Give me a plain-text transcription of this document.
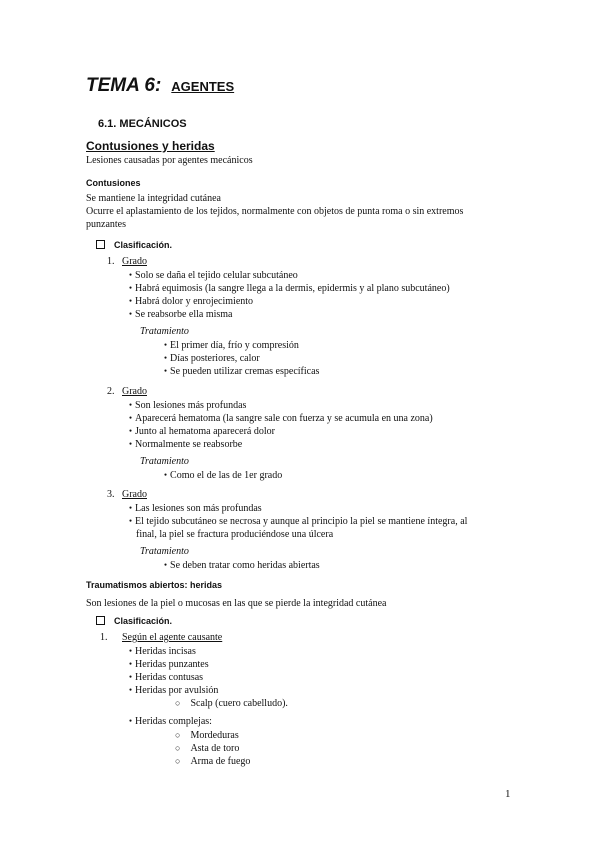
TEMA 6: AGENTES
6.1. MECÁNICOS
Contusiones y heridas
Lesiones causadas por agentes mecánicos
Contusiones
Se mantiene la integridad cutánea
Ocurre el aplastamiento de los tejidos, normalmente con objetos de punta roma o sin extremos
punzantes
Clasificación.
1. Grado
● Solo se daña el tejido celular subcutáneo
● Habrá equimosis (la sangre llega a la dermis, epidermis y al plano subcutáneo)
● Habrá dolor y enrojecimiento
● Se reabsorbe ella misma
Tratamiento
● El primer día, frío y compresión
● Días posteriores, calor
● Se pueden utilizar cremas específicas
2. Grado
● Son lesiones más profundas
● Aparecerá hematoma (la sangre sale con fuerza y se acumula en una zona)
● Junto al hematoma aparecerá dolor
● Normalmente se reabsorbe
Tratamiento
● Como el de las de 1er grado
3. Grado
● Las lesiones son más profundas
● El tejido subcutáneo se necrosa y aunque al principio la piel se mantiene íntegra, al
final, la piel se fractura produciéndose una úlcera
Tratamiento
● Se deben tratar como heridas abiertas
Traumatismos abiertos: heridas
Son lesiones de la piel o mucosas en las que se pierde la integridad cutánea
Clasificación.
1. Según el agente causante
● Heridas incisas
● Heridas punzantes
● Heridas contusas
● Heridas por avulsión
○ Scalp (cuero cabelludo).
● Heridas complejas:
○ Mordeduras
○ Asta de toro
○ Arma de fuego
1
